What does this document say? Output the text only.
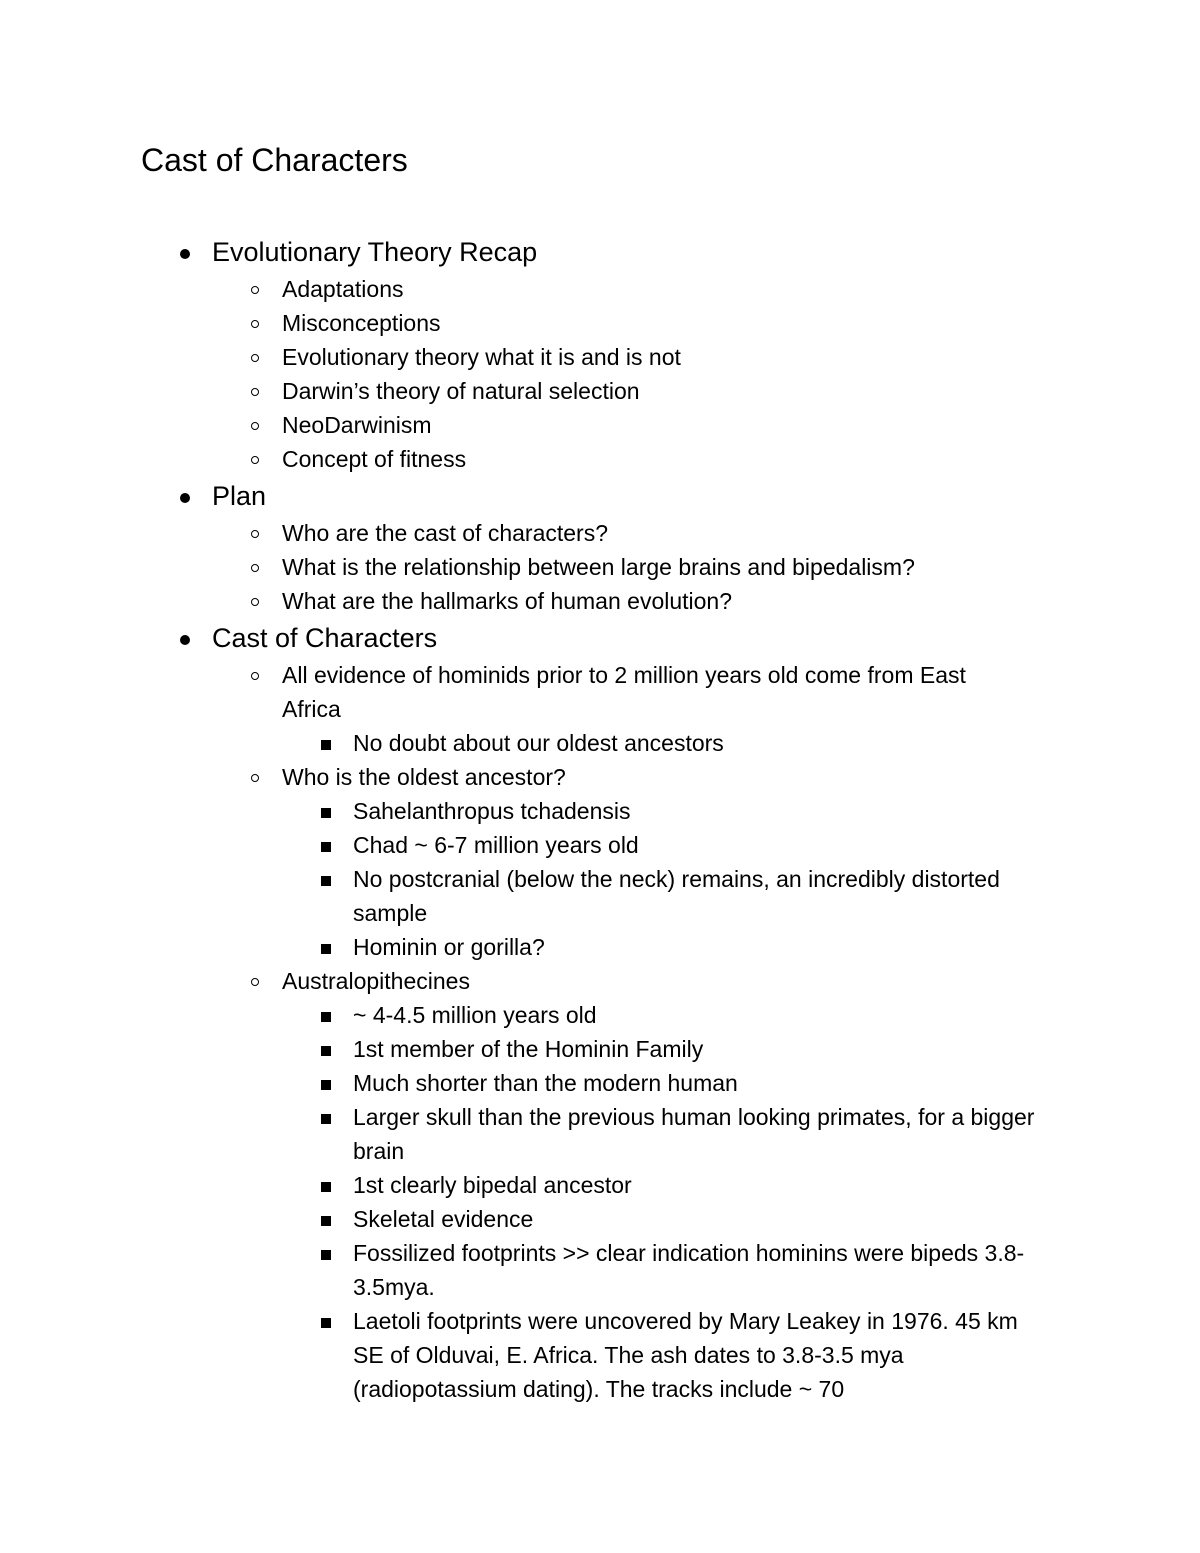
Cast of Characters
Evolutionary Theory Recap
Adaptations
Misconceptions
Evolutionary theory what it is and is not
Darwin’s theory of natural selection
NeoDarwinism
Concept of fitness
Plan
Who are the cast of characters?
What is the relationship between large brains and bipedalism?
What are the hallmarks of human evolution?
Cast of Characters
All evidence of hominids prior to 2 million years old come from East Africa
No doubt about our oldest ancestors
Who is the oldest ancestor?
Sahelanthropus tchadensis
Chad ~ 6-7 million years old
No postcranial (below the neck) remains, an incredibly distorted sample
Hominin or gorilla?
Australopithecines
~ 4-4.5 million years old
1st member of the Hominin Family
Much shorter than the modern human
Larger skull than the previous human looking primates, for a bigger brain
1st clearly bipedal ancestor
Skeletal evidence
Fossilized footprints >> clear indication hominins were bipeds 3.8-3.5mya.
Laetoli footprints were uncovered by Mary Leakey in 1976. 45 km SE of Olduvai, E. Africa. The ash dates to 3.8-3.5 mya (radiopotassium dating). The tracks include ~ 70
